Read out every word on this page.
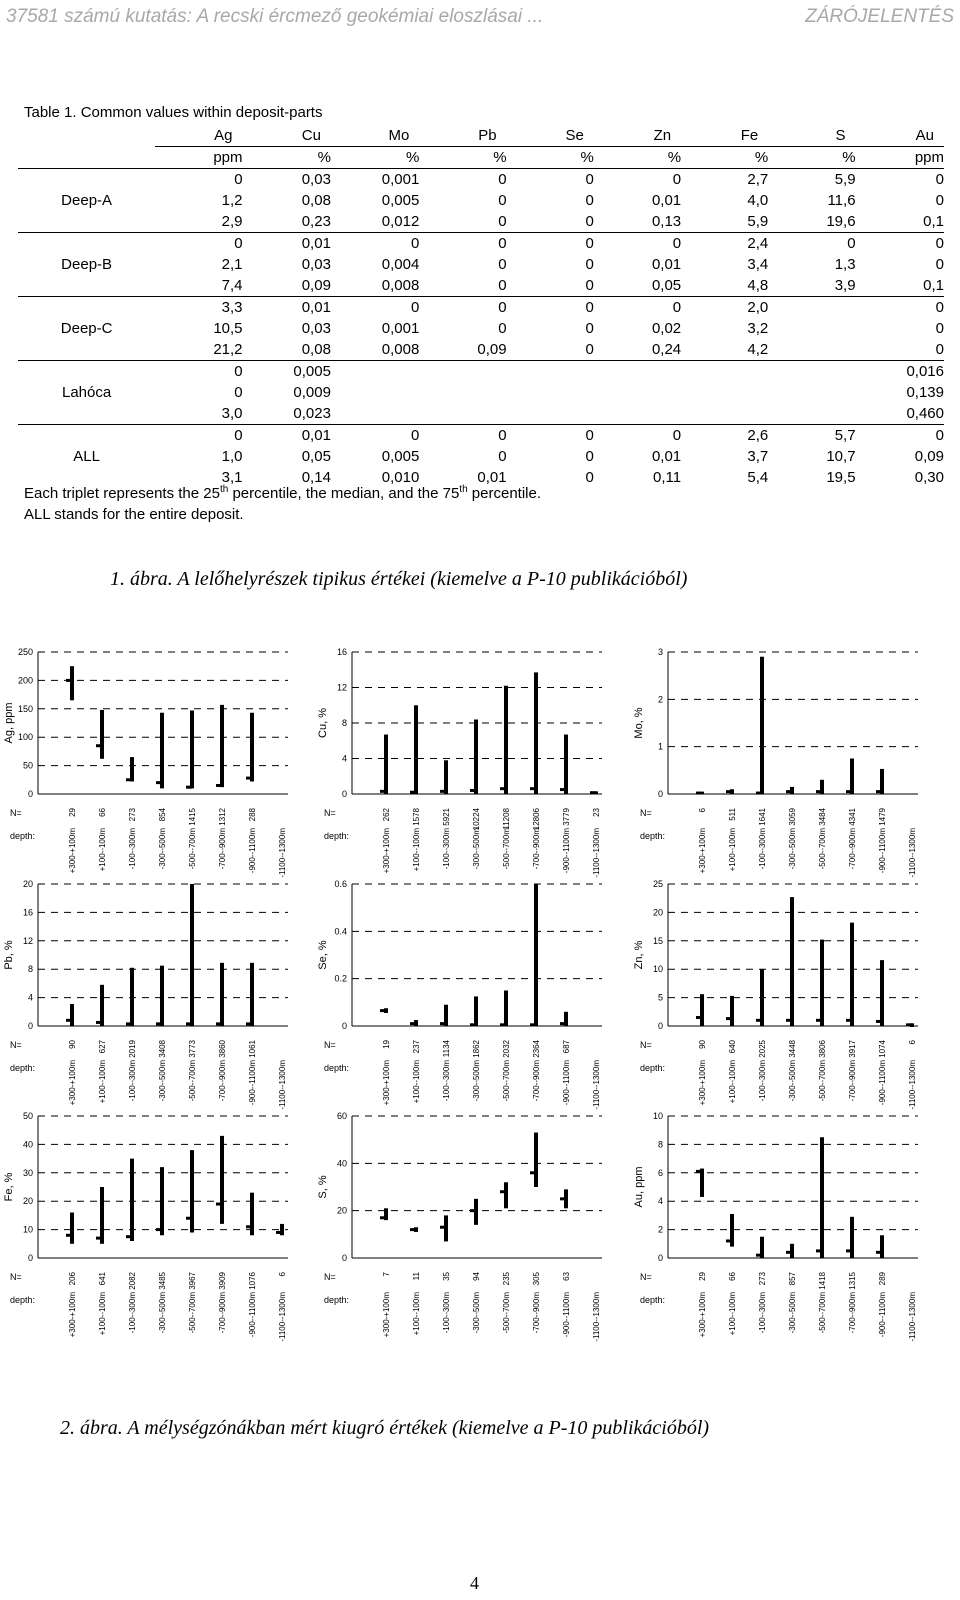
37581 számú kutatás: A recski ércmező geokémiai eloszlásai ...	ZÁRÓJELENTÉS
Table 1. Common values within deposit-parts
	Ag	Cu	Mo	Pb	Se	Zn	Fe	S	Au
	ppm	%	%	%	%	%	%	%	ppm
	0	0,03	0,001	0	0	0	2,7	5,9	0
Deep-A	1,2	0,08	0,005	0	0	0,01	4,0	11,6	0
	2,9	0,23	0,012	0	0	0,13	5,9	19,6	0,1
	0	0,01	0	0	0	0	2,4	0	0
Deep-B	2,1	0,03	0,004	0	0	0,01	3,4	1,3	0
	7,4	0,09	0,008	0	0	0,05	4,8	3,9	0,1
	3,3	0,01	0	0	0	0	2,0		0
Deep-C	10,5	0,03	0,001	0	0	0,02	3,2		0
	21,2	0,08	0,008	0,09	0	0,24	4,2		0
	0	0,005							0,016
Lahóca	0	0,009							0,139
	3,0	0,023							0,460
	0	0,01	0	0	0	0	2,6	5,7	0
ALL	1,0	0,05	0,005	0	0	0,01	3,7	10,7	0,09
	3,1	0,14	0,010	0,01	0	0,11	5,4	19,5	0,30
Each triplet represents the 25th percentile, the median, and the 75th percentile.
ALL stands for the entire deposit.
1. ábra. A lelőhelyrészek tipikus értékei (kiemelve a P-10 publikációból)
0
50
100
150
200
250
Ag, ppm
N=
depth:
29
+300-+100m
66
+100--100m
273
-100--300m
854
-300--500m
1415
-500--700m
1312
-700--900m
288
-900--1100m	-1100--1300m
0
4
8
12
16
Cu, %
N=
depth:
262
+300-+100m
1578
+100--100m
5921
-100--300m
10224
-300--500m
11208
-500--700m
12806
-700--900m
3779
-900--1100m
23
-1100--1300m
0
1
2
3
Mo, %
N=
depth:
6
+300-+100m
511
+100--100m
1641
-100--300m
3059
-300--500m
3484
-500--700m
4341
-700--900m
1479
-900--1100m	-1100--1300m
0
4
8
12
16
20
Pb, %
N=
depth:
90
+300-+100m
627
+100--100m
2019
-100--300m
3408
-300--500m
3773
-500--700m
3860
-700--900m
1061
-900--1100m	-1100--1300m
0
0.2
0.4
0.6
Se, %
N=
depth:
19
+300-+100m
237
+100--100m
1134
-100--300m
1862
-300--500m
2032
-500--700m
2364
-700--900m
687
-900--1100m	-1100--1300m
0
5
10
15
20
25
Zn, %
N=
depth:
90
+300-+100m
640
+100--100m
2025
-100--300m
3448
-300--500m
3806
-500--700m
3917
-700--900m
1074
-900--1100m
6
-1100--1300m
0
10
20
30
40
50
Fe, %
N=
depth:
206
+300-+100m
641
+100--100m
2082
-100--300m
3485
-300--500m
3967
-500--700m
3909
-700--900m
1076
-900--1100m
6
-1100--1300m
0
20
40
60
S, %
N=
depth:
7
+300-+100m
11
+100--100m
35
-100--300m
94
-300--500m
235
-500--700m
305
-700--900m
63
-900--1100m	-1100--1300m
0
2
4
6
8
10
Au, ppm
N=
depth:
29
+300-+100m
66
+100--100m
273
-100--300m
857
-300--500m
1418
-500--700m
1315
-700--900m
289
-900--1100m	-1100--1300m
2. ábra. A mélységzónákban mért kiugró értékek (kiemelve a P-10 publikációból)
4
